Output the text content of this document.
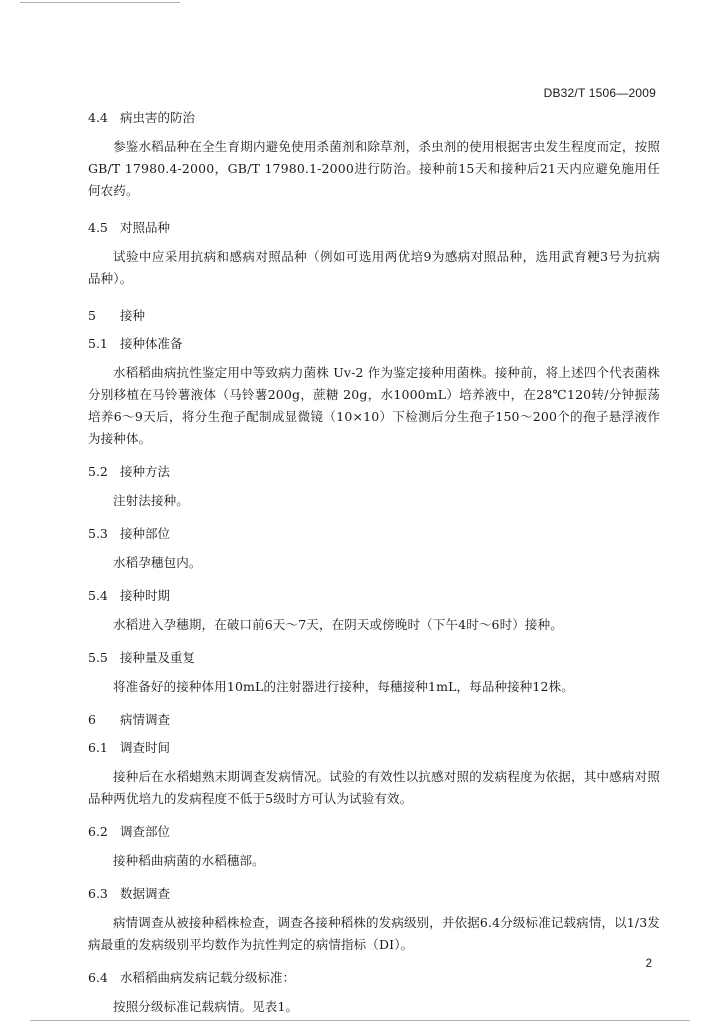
DB32/T 1506—2009
4.4 病虫害的防治

参鉴水稻品种在全生育期内避免使用杀菌剂和除草剂，杀虫剂的使用根据害虫发生程度而定，按照GB/T 17980.4-2000，GB/T 17980.1-2000进行防治。接种前15天和接种后21天内应避免施用任何农药。

4.5 对照品种

试验中应采用抗病和感病对照品种（例如可选用两优培9为感病对照品种，选用武育粳3号为抗病品种）。

5 接种
5.1 接种体准备

水稻稻曲病抗性鉴定用中等致病力菌株 Uv-2 作为鉴定接种用菌株。接种前，将上述四个代表菌株分别移植在马铃薯液体（马铃薯200g，蔗糖 20g，水1000mL）培养液中，在28℃120转/分钟振荡培养6～9天后，将分生孢子配制成显微镜（10×10）下检测后分生孢子150～200个的孢子悬浮液作为接种体。

5.2 接种方法

注射法接种。

5.3 接种部位

水稻孕穗包内。

5.4 接种时期

水稻进入孕穗期，在破口前6天～7天，在阴天或傍晚时（下午4时～6时）接种。

5.5 接种量及重复

将准备好的接种体用10mL的注射器进行接种，每穗接种1mL，每品种接种12株。

6 病情调查
6.1 调查时间

接种后在水稻蜡熟末期调查发病情况。试验的有效性以抗感对照的发病程度为依据，其中感病对照品种两优培九的发病程度不低于5级时方可认为试验有效。

6.2 调查部位

接种稻曲病菌的水稻穗部。

6.3 数据调查

病情调查从被接种稻株检查，调查各接种稻株的发病级别，并依据6.4分级标准记载病情，以1/3发病最重的发病级别平均数作为抗性判定的病情指标（DI）。

6.4 水稻稻曲病发病记载分级标准：

按照分级标准记载病情。见表1。

2
